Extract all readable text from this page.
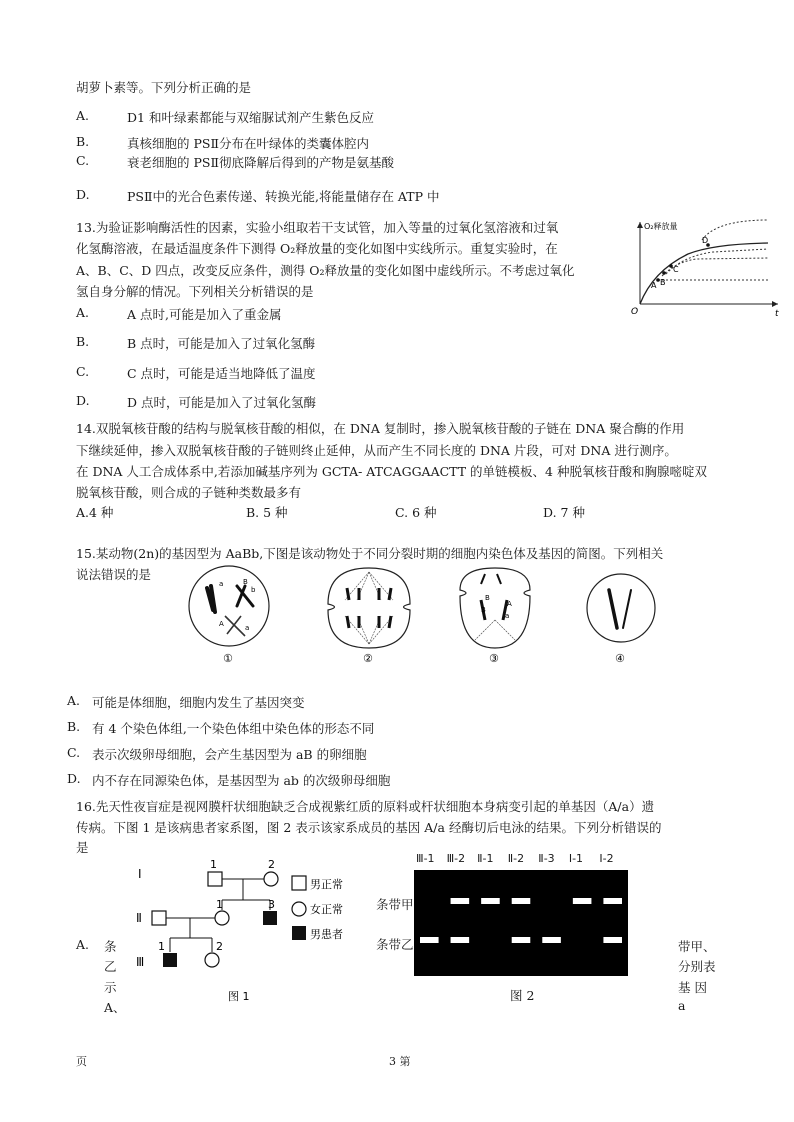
胡萝卜素等。下列分析正确的是
A.	D1 和叶绿素都能与双缩脲试剂产生紫色反应
B.	真核细胞的 PSⅡ分布在叶绿体的类囊体腔内
C.	衰老细胞的 PSⅡ彻底降解后得到的产物是氨基酸
D.	PSⅡ中的光合色素传递、转换光能,将能量储存在 ATP 中
13.为验证影响酶活性的因素，实验小组取若干支试管，加入等量的过氧化氢溶液和过氧
化氢酶溶液，在最适温度条件下测得 O₂释放量的变化如图中实线所示。重复实验时，在
A、B、C、D 四点，改变反应条件，测得 O₂释放量的变化如图中虚线所示。不考虑过氧化
氢自身分解的情况。下列相关分析错误的是
O₂释放量
O	t
A B
C
D
A.	A 点时,可能是加入了重金属
B.	B 点时，可能是加入了过氧化氢酶
C.	C 点时，可能是适当地降低了温度
D.	D 点时，可能是加入了过氧化氢酶
14.双脱氧核苷酸的结构与脱氧核苷酸的相似，在 DNA 复制时，掺入脱氧核苷酸的子链在 DNA 聚合酶的作用
下继续延伸，掺入双脱氧核苷酸的子链则终止延伸，从而产生不同长度的 DNA 片段，可对 DNA 进行测序。
在 DNA 人工合成体系中,若添加碱基序列为 GCTA- ATCAGGAACTT 的单链模板、4 种脱氧核苷酸和胸腺嘧啶双
脱氧核苷酸，则合成的子链种类数最多有
A.4 种	B. 5 种	C. 6 种	D. 7 种
15.某动物(2n)的基因型为 AaBb,下图是该动物处于不同分裂时期的细胞内染色体及基因的简图。下列相关
说法错误的是
a	B
b
A	a
①	②
B
A
B
a
③	④
A. 可能是体细胞，细胞内发生了基因突变
B. 有 4 个染色体组,一个染色体组中染色体的形态不同
C. 表示次级卵母细胞，会产生基因型为 aB 的卵细胞
D. 内不存在同源染色体，是基因型为 ab 的次级卵母细胞
16.先天性夜盲症是视网膜杆状细胞缺乏合成视紫红质的原料或杆状细胞本身病变引起的单基因（A/a）遗
传病。下图 1 是该病患者家系图，图 2 表示该家系成员的基因 A/a 经酶切后电泳的结果。下列分析错误的
是
Ⅰ
Ⅱ
Ⅲ
1	2
1	3
1	2
男正常
女正常
男患者
图 1
条带甲
条带乙
Ⅲ-1 Ⅲ-2 Ⅱ-1 Ⅱ-2 Ⅱ-3 Ⅰ-1 Ⅰ-2
图 2
A. 条
乙
示
A、
带甲、
分别表
基 因
a
页	3 第
